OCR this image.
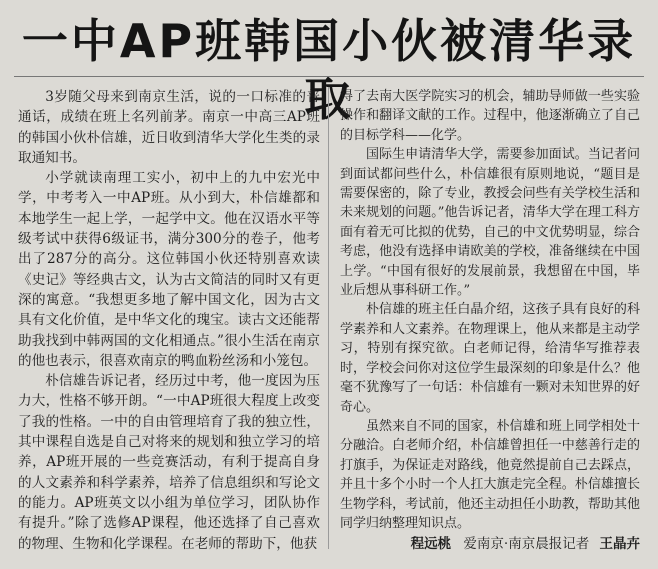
一中AP班韩国小伙被清华录取

3岁随父母来到南京生活，说的一口标准的普通话，成绩在班上名列前茅。南京一中高三AP班的韩国小伙朴信雄，近日收到清华大学化生类的录取通知书。

小学就读南理工实小，初中上的九中宏光中学，中考考入一中AP班。从小到大，朴信雄都和本地学生一起上学，一起学中文。他在汉语水平等级考试中获得6级证书，满分300分的卷子，他考出了287分的高分。这位韩国小伙还特别喜欢读《史记》等经典古文，认为古文简洁的同时又有更深的寓意。“我想更多地了解中国文化，因为古文具有文化价值，是中华文化的瑰宝。读古文还能帮助我找到中韩两国的文化相通点。”很小生活在南京的他也表示，很喜欢南京的鸭血粉丝汤和小笼包。

朴信雄告诉记者，经历过中考，他一度因为压力大，性格不够开朗。“一中AP班很大程度上改变了我的性格。一中的自由管理培育了我的独立性，其中课程自选是自己对将来的规划和独立学习的培养，AP班开展的一些竞赛活动，有利于提高自身的人文素养和科学素养，培养了信息组织和写论文的能力。AP班英文以小组为单位学习，团队协作有提升。”除了选修AP课程，他还选择了自己喜欢的物理、生物和化学课程。在老师的帮助下，他获

得了去南大医学院实习的机会，辅助导师做一些实验操作和翻译文献的工作。过程中，他逐渐确立了自己的目标学科——化学。

国际生申请清华大学，需要参加面试。当记者问到面试都问些什么，朴信雄很有原则地说，“题目是需要保密的，除了专业，教授会问些有关学校生活和未来规划的问题。”他告诉记者，清华大学在理工科方面有着无可比拟的优势，自己的中文优势明显，综合考虑，他没有选择申请欧美的学校，准备继续在中国上学。“中国有很好的发展前景，我想留在中国，毕业后想从事科研工作。”

朴信雄的班主任白晶介绍，这孩子具有良好的科学素养和人文素养。在物理课上，他从来都是主动学习，特别有探究欲。白老师记得，给清华写推荐表时，学校会问你对这位学生最深刻的印象是什么？他毫不犹豫写了一句话：朴信雄有一颗对未知世界的好奇心。

虽然来自不同的国家，朴信雄和班上同学相处十分融洽。白老师介绍，朴信雄曾担任一中慈善行走的打旗手，为保证走对路线，他竟然提前自己去踩点，并且十多个小时一个人扛大旗走完全程。朴信雄擅长生物学科，考试前，他还主动担任小助教，帮助其他同学归纳整理知识点。

程远桃 爱南京·南京晨报记者 王晶卉
